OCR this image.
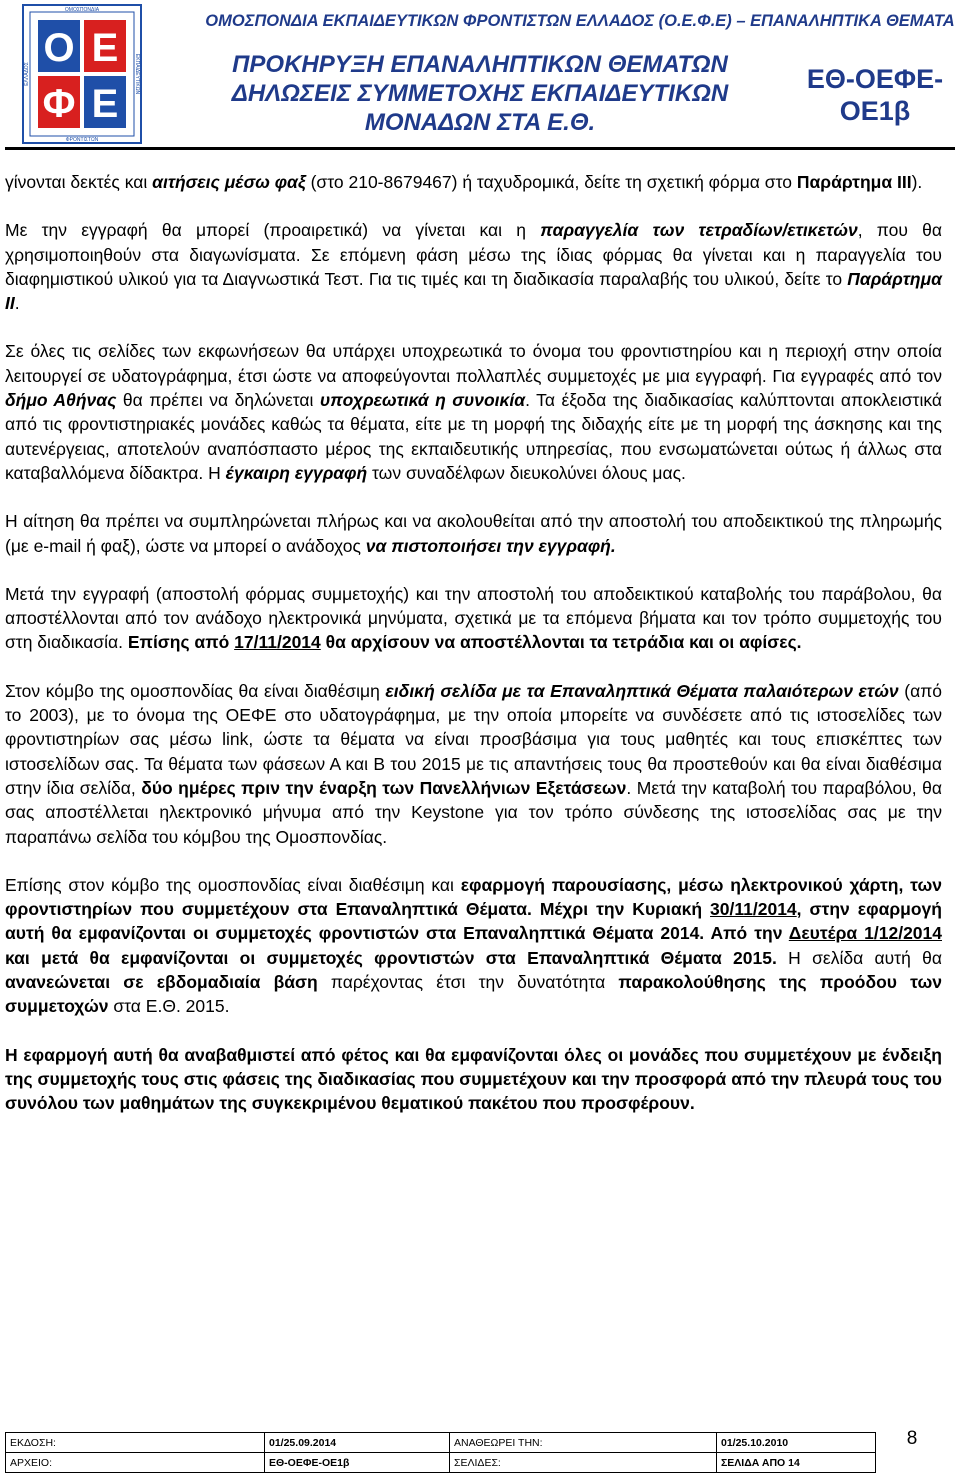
Ο Ε
Φ Ε
ΟΜΟΣΠΟΝΔΙΑ
ΦΡΟΝΤΙΣΤΩΝ
ΕΛΛΑΔΟΣ	ΕΚΠΑΙΔΕΥΤΙΚΩΝ
ΟΜΟΣΠΟΝΔΙΑ ΕΚΠΑΙΔΕΥΤΙΚΩΝ ΦΡΟΝΤΙΣΤΩΝ ΕΛΛΑΔΟΣ (Ο.Ε.Φ.Ε) – ΕΠΑΝΑΛΗΠΤΙΚΑ ΘΕΜΑΤΑ
ΠΡΟΚΗΡΥΞΗ ΕΠΑΝΑΛΗΠΤΙΚΩΝ ΘΕΜΑΤΩΝ
ΔΗΛΩΣΕΙΣ ΣΥΜΜΕΤΟΧΗΣ ΕΚΠΑΙΔΕΥΤΙΚΩΝ
ΜΟΝΑΔΩΝ ΣΤΑ Ε.Θ.
ΕΘ-ΟΕΦΕ-
ΟΕ1β

γίνονται δεκτές και αιτήσεις μέσω φαξ (στο 210-8679467) ή ταχυδρομικά, δείτε τη σχετική φόρμα στο Παράρτημα ΙΙΙ).

Με την εγγραφή θα μπορεί (προαιρετικά) να γίνεται και η παραγγελία των τετραδίων/ετικετών, που θα χρησιμοποιηθούν στα διαγωνίσματα. Σε επόμενη φάση μέσω της ίδιας φόρμας θα γίνεται και η παραγγελία του διαφημιστικού υλικού για τα Διαγνωστικά Τεστ. Για τις τιμές και τη διαδικασία παραλαβής του υλικού, δείτε το Παράρτημα ΙΙ.

Σε όλες τις σελίδες των εκφωνήσεων θα υπάρχει υποχρεωτικά το όνομα του φροντιστηρίου και η περιοχή στην οποία λειτουργεί σε υδατογράφημα, έτσι ώστε να αποφεύγονται πολλαπλές συμμετοχές με μια εγγραφή. Για εγγραφές από τον δήμο Αθήνας θα πρέπει να δηλώνεται υποχρεωτικά η συνοικία. Τα έξοδα της διαδικασίας καλύπτονται αποκλειστικά από τις φροντιστηριακές μονάδες καθώς τα θέματα, είτε με τη μορφή της διδαχής είτε με τη μορφή της άσκησης και της αυτενέργειας, αποτελούν αναπόσπαστο μέρος της εκπαιδευτικής υπηρεσίας, που ενσωματώνεται ούτως ή άλλως στα καταβαλλόμενα δίδακτρα. Η έγκαιρη εγγραφή των συναδέλφων διευκολύνει όλους μας.

Η αίτηση θα πρέπει να συμπληρώνεται πλήρως και να ακολουθείται από την αποστολή του αποδεικτικού της πληρωμής (με e-mail ή φαξ), ώστε να μπορεί ο ανάδοχος να πιστοποιήσει την εγγραφή.

Μετά την εγγραφή (αποστολή φόρμας συμμετοχής) και την αποστολή του αποδεικτικού καταβολής του παράβολου, θα αποστέλλονται από τον ανάδοχο ηλεκτρονικά μηνύματα, σχετικά με τα επόμενα βήματα και τον τρόπο συμμετοχής του στη διαδικασία. Επίσης από 17/11/2014 θα αρχίσουν να αποστέλλονται τα τετράδια και οι αφίσες.

Στον κόμβο της ομοσπονδίας θα είναι διαθέσιμη ειδική σελίδα με τα Επαναληπτικά Θέματα παλαιότερων ετών (από το 2003), με το όνομα της ΟΕΦΕ στο υδατογράφημα, με την οποία μπορείτε να συνδέσετε από τις ιστοσελίδες των φροντιστηρίων σας μέσω link, ώστε τα θέματα να είναι προσβάσιμα για τους μαθητές και τους επισκέπτες των ιστοσελίδων σας. Τα θέματα των φάσεων Α και Β του 2015 με τις απαντήσεις τους θα προστεθούν και θα είναι διαθέσιμα στην ίδια σελίδα, δύο ημέρες πριν την έναρξη των Πανελλήνιων Εξετάσεων. Μετά την καταβολή του παραβόλου, θα σας αποστέλλεται ηλεκτρονικό μήνυμα από την Keystone για τον τρόπο σύνδεσης της ιστοσελίδας σας με την παραπάνω σελίδα του κόμβου της Ομοσπονδίας.

Επίσης στον κόμβο της ομοσπονδίας είναι διαθέσιμη και εφαρμογή παρουσίασης, μέσω ηλεκτρονικού χάρτη, των φροντιστηρίων που συμμετέχουν στα Επαναληπτικά Θέματα. Μέχρι την Κυριακή 30/11/2014, στην εφαρμογή αυτή θα εμφανίζονται οι συμμετοχές φροντιστών στα Επαναληπτικά Θέματα 2014. Από την Δευτέρα 1/12/2014 και μετά θα εμφανίζονται οι συμμετοχές φροντιστών στα Επαναληπτικά Θέματα 2015. Η σελίδα αυτή θα ανανεώνεται σε εβδομαδιαία βάση παρέχοντας έτσι την δυνατότητα παρακολούθησης της προόδου των συμμετοχών στα Ε.Θ. 2015.

Η εφαρμογή αυτή θα αναβαθμιστεί από φέτος και θα εμφανίζονται όλες οι μονάδες που συμμετέχουν με ένδειξη της συμμετοχής τους στις φάσεις της διαδικασίας που συμμετέχουν και την προσφορά από την πλευρά τους του συνόλου των μαθημάτων της συγκεκριμένου θεματικού πακέτου που προσφέρουν.

ΕΚΔΟΣΗ:	01/25.09.2014	ΑΝΑΘΕΩΡΕΙ ΤΗΝ:	01/25.10.2010
ΑΡΧΕΙΟ:	ΕΘ-ΟΕΦΕ-ΟΕ1β	ΣΕΛΙΔΕΣ:	ΣΕΛΙΔΑ ΑΠΟ 14
8
